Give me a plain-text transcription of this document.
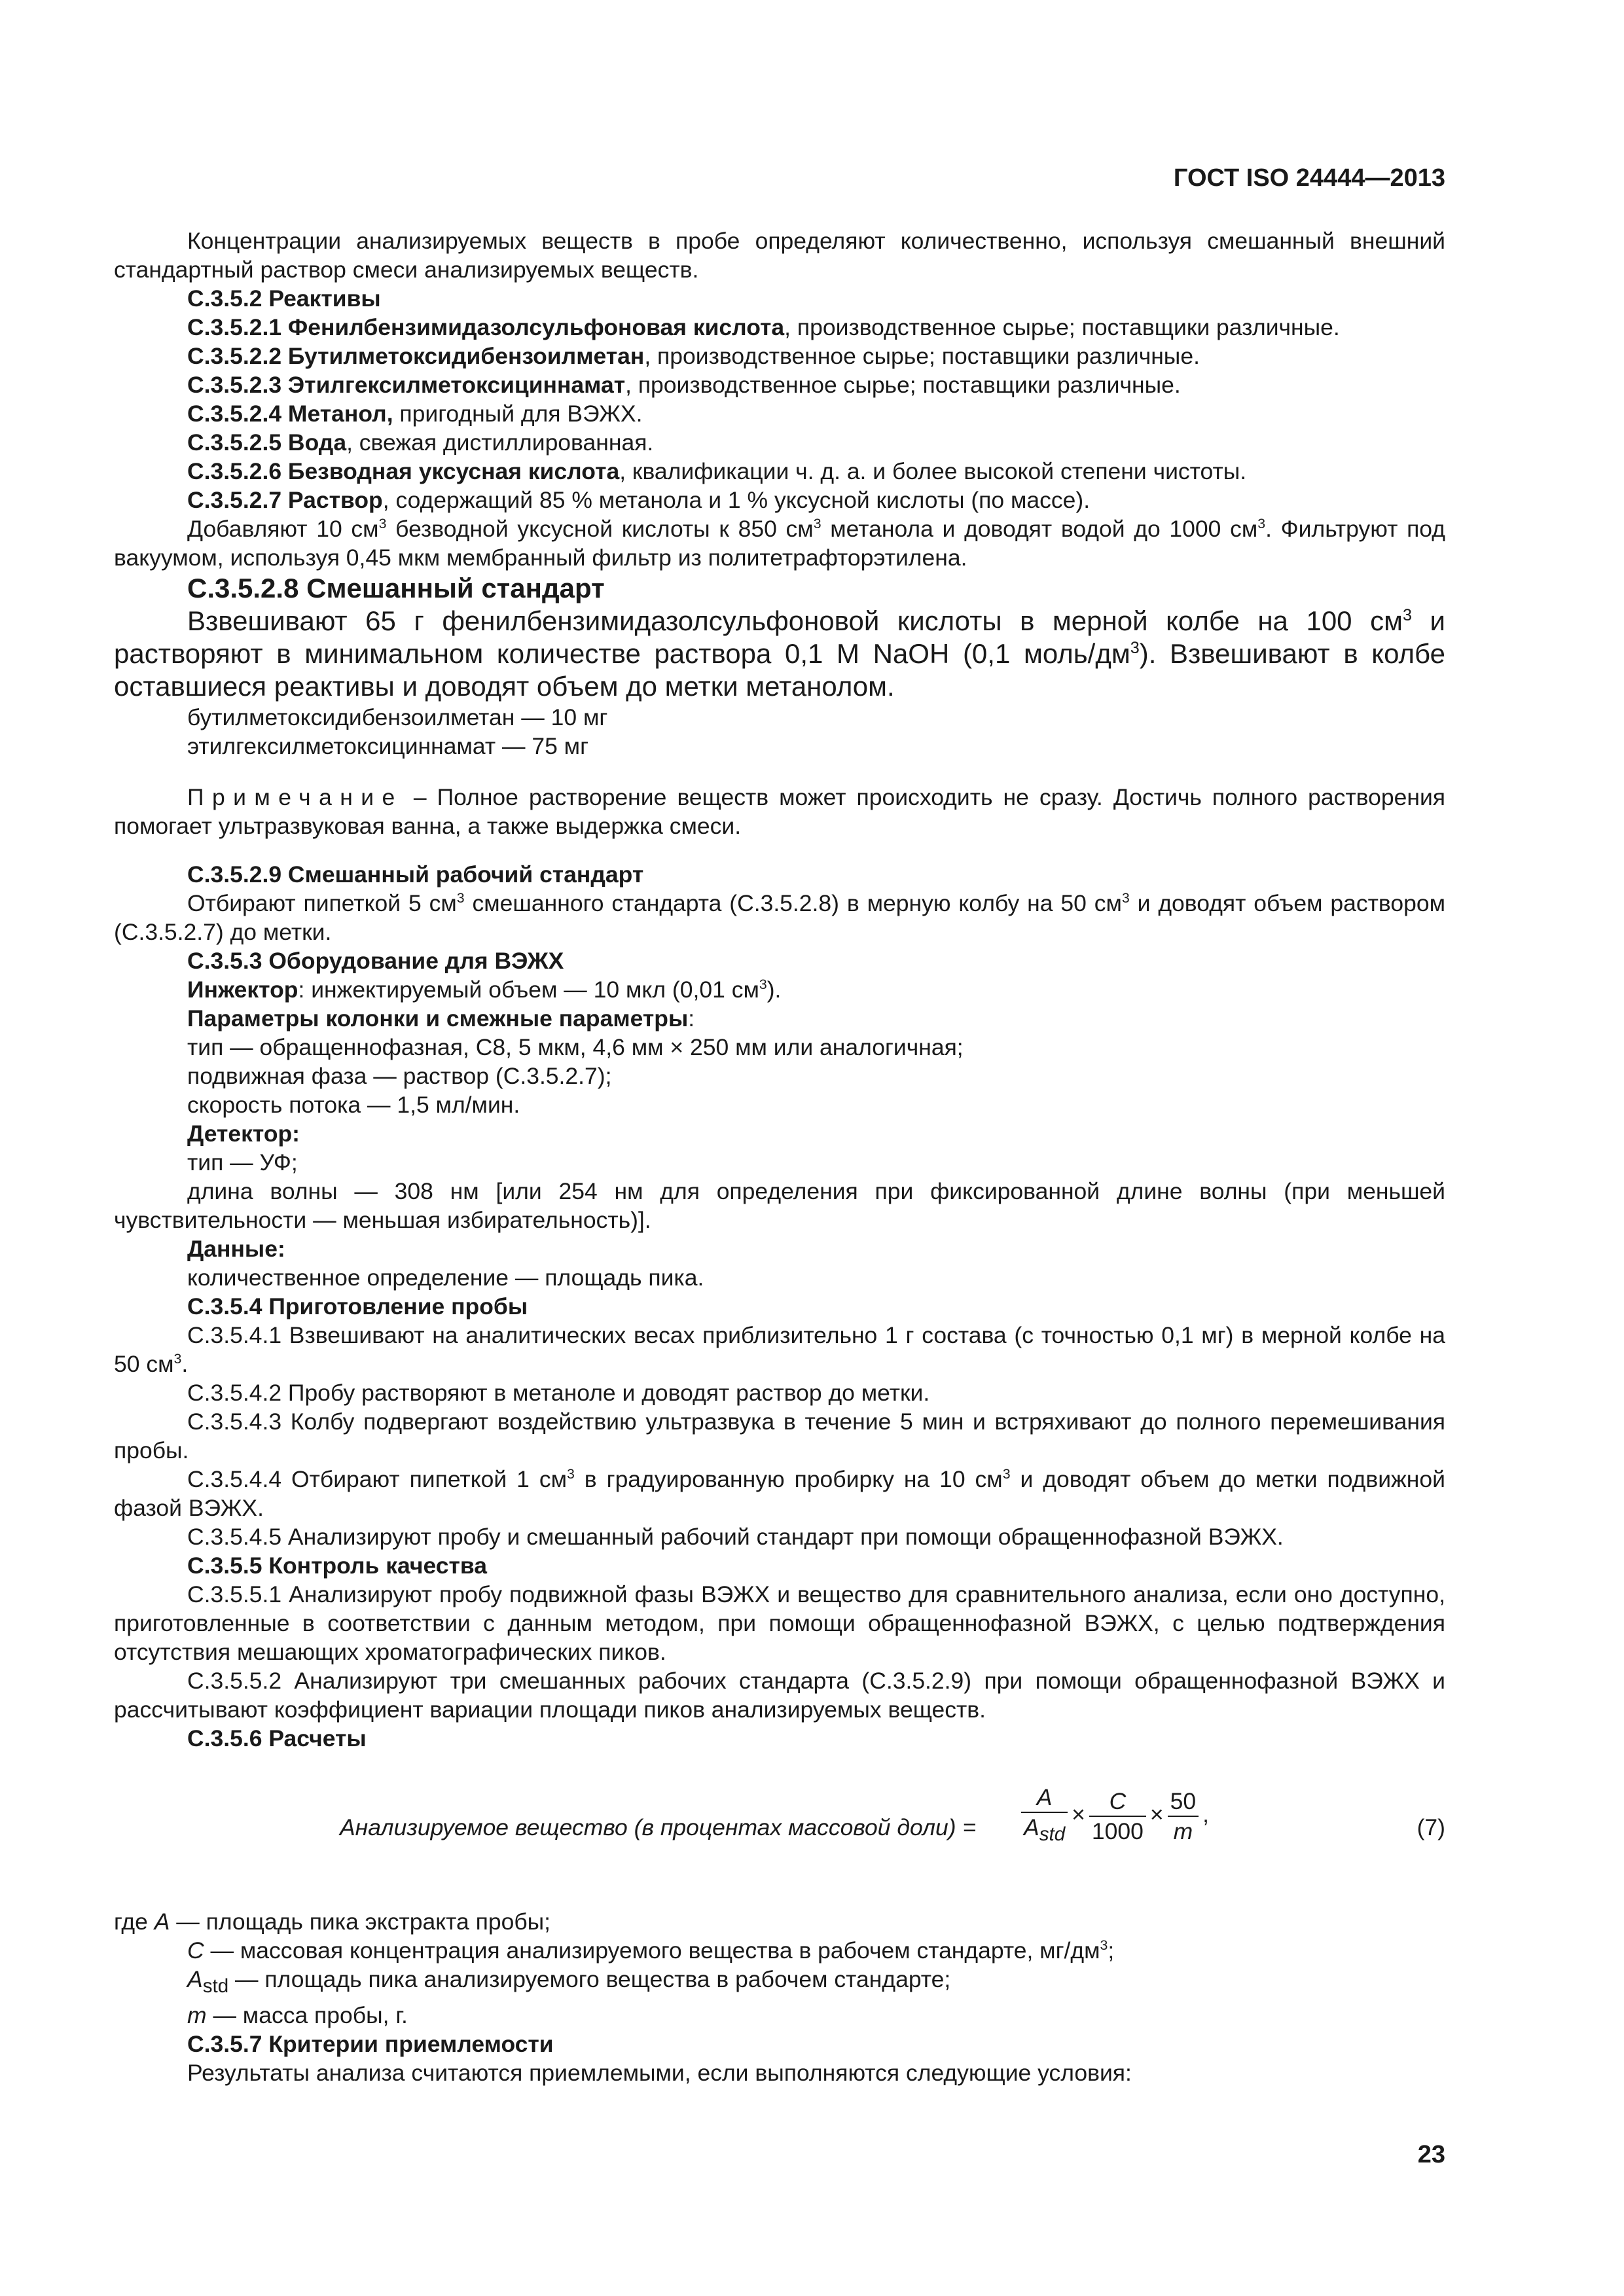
ГОСТ ISO 24444—2013

Концентрации анализируемых веществ в пробе определяют количественно, используя смешанный внешний стандартный раствор смеси анализируемых веществ.

С.3.5.2 Реактивы

С.3.5.2.1 Фенилбензимидазолсульфоновая кислота, производственное сырье; поставщики различные.

С.3.5.2.2 Бутилметоксидибензоилметан, производственное сырье; поставщики различные.

С.3.5.2.3 Этилгексилметоксициннамат, производственное сырье; поставщики различные.

С.3.5.2.4 Метанол, пригодный для ВЭЖХ.

С.3.5.2.5 Вода, свежая дистиллированная.

С.3.5.2.6 Безводная уксусная кислота, квалификации ч. д. а. и более высокой степени чистоты.

С.3.5.2.7 Раствор, содержащий 85 % метанола и 1 % уксусной кислоты (по массе).

Добавляют 10 $см^3$ безводной уксусной кислоты к 850 $см^3$ метанола и доводят водой до 1000 $см^3$. Фильтруют под вакуумом, используя 0,45 мкм мембранный фильтр из политетрафторэтилена.

С.3.5.2.8 Смешанный стандарт

Взвешивают 65 г фенилбензимидазолсульфоновой кислоты в мерной колбе на 100 $см^3$ и растворяют в минимальном количестве раствора 0,1 М NaOH (0,1 моль/$дм^3$). Взвешивают в колбе оставшиеся реактивы и доводят объем до метки метанолом.

бутилметоксидибензоилметан — 10 мг

этилгексилметоксициннамат — 75 мг

Примечание – Полное растворение веществ может происходить не сразу. Достичь полного растворения помогает ультразвуковая ванна, а также выдержка смеси.

С.3.5.2.9 Смешанный рабочий стандарт

Отбирают пипеткой 5 $см^3$ смешанного стандарта (С.3.5.2.8) в мерную колбу на 50 $см^3$ и доводят объем раствором (С.3.5.2.7) до метки.

С.3.5.3 Оборудование для ВЭЖХ

Инжектор: инжектируемый объем — 10 мкл (0,01 $см^3$).

Параметры колонки и смежные параметры:

тип — обращеннофазная, C8, 5 мкм, 4,6 мм × 250 мм или аналогичная;

подвижная фаза — раствор (С.3.5.2.7);

скорость потока — 1,5 мл/мин.

Детектор:

тип — УФ;

длина волны — 308 нм [или 254 нм для определения при фиксированной длине волны (при меньшей чувствительности — меньшая избирательность)].

Данные:

количественное определение — площадь пика.

С.3.5.4 Приготовление пробы

С.3.5.4.1 Взвешивают на аналитических весах приблизительно 1 г состава (с точностью 0,1 мг) в мерной колбе на 50 $см^3$.

С.3.5.4.2 Пробу растворяют в метаноле и доводят раствор до метки.

С.3.5.4.3 Колбу подвергают воздействию ультразвука в течение 5 мин и встряхивают до полного перемешивания пробы.

С.3.5.4.4 Отбирают пипеткой 1 $см^3$ в градуированную пробирку на 10 $см^3$ и доводят объем до метки подвижной фазой ВЭЖХ.

С.3.5.4.5 Анализируют пробу и смешанный рабочий стандарт при помощи обращеннофазной ВЭЖХ.

С.3.5.5 Контроль качества

С.3.5.5.1 Анализируют пробу подвижной фазы ВЭЖХ и вещество для сравнительного анализа, если оно доступно, приготовленные в соответствии с данным методом, при помощи обращеннофазной ВЭЖХ, с целью подтверждения отсутствия мешающих хроматографических пиков.

С.3.5.5.2 Анализируют три смешанных рабочих стандарта (С.3.5.2.9) при помощи обращеннофазной ВЭЖХ и рассчитывают коэффициент вариации площади пиков анализируемых веществ.

С.3.5.6 Расчеты

Анализируемое вещество (в процентах массовой доли) = $\frac{A}{A_{std}} \times \frac{C}{1000} \times \frac{50}{m}$ ,
(7)

где A — площадь пика экстракта пробы;

C — массовая концентрация анализируемого вещества в рабочем стандарте, $мг/дм^3$;

$A_{std}$ — площадь пика анализируемого вещества в рабочем стандарте;

m — масса пробы, г.

С.3.5.7 Критерии приемлемости

Результаты анализа считаются приемлемыми, если выполняются следующие условия:

23
